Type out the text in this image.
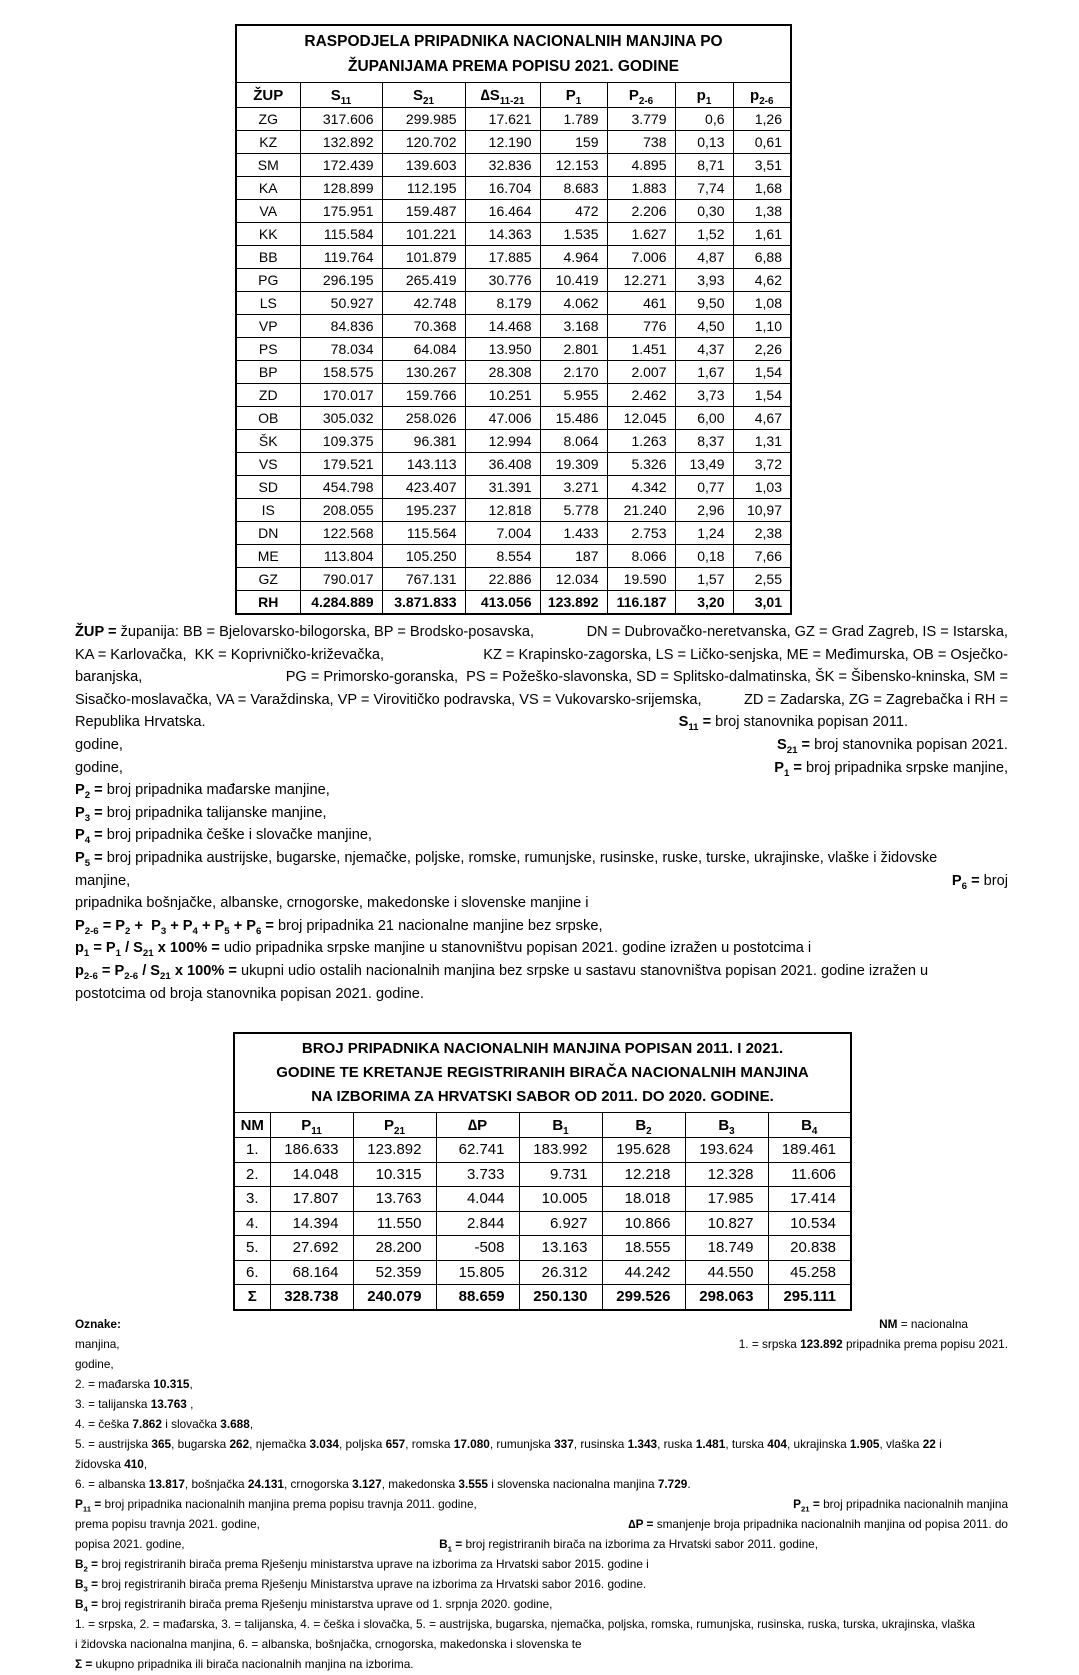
RASPODJELA PRIPADNIKA NACIONALNIH MANJINA PO
ŽUPANIJAMA PREMA POPISU 2021. GODINE							

ŽUP	$S_{11}$	$S_{21}$	$\Delta S_{11-21}$	$P_1$	$P_{2-6}$	$p_1$	$p_{2-6}$
ZG	317.606	299.985	17.621	1.789	3.779	0,6	1,26
KZ	132.892	120.702	12.190	159	738	0,13	0,61
SM	172.439	139.603	32.836	12.153	4.895	8,71	3,51
KA	128.899	112.195	16.704	8.683	1.883	7,74	1,68
VA	175.951	159.487	16.464	472	2.206	0,30	1,38
KK	115.584	101.221	14.363	1.535	1.627	1,52	1,61
BB	119.764	101.879	17.885	4.964	7.006	4,87	6,88
PG	296.195	265.419	30.776	10.419	12.271	3,93	4,62
LS	50.927	42.748	8.179	4.062	461	9,50	1,08
VP	84.836	70.368	14.468	3.168	776	4,50	1,10
PS	78.034	64.084	13.950	2.801	1.451	4,37	2,26
BP	158.575	130.267	28.308	2.170	2.007	1,67	1,54
ZD	170.017	159.766	10.251	5.955	2.462	3,73	1,54
OB	305.032	258.026	47.006	15.486	12.045	6,00	4,67
ŠK	109.375	96.381	12.994	8.064	1.263	8,37	1,31
VS	179.521	143.113	36.408	19.309	5.326	13,49	3,72
SD	454.798	423.407	31.391	3.271	4.342	0,77	1,03
IS	208.055	195.237	12.818	5.778	21.240	2,96	10,97
DN	122.568	115.564	7.004	1.433	2.753	1,24	2,38
ME	113.804	105.250	8.554	187	8.066	0,18	7,66
GZ	790.017	767.131	22.886	12.034	19.590	1,57	2,55
RH	4.284.889	3.871.833	413.056	123.892	116.187	3,20	3,01
ŽUP = županija: BB = Bjelovarsko-bilogorska, BP = Brodsko-posavska,	DN = Dubrovačko-neretvanska, GZ = Grad Zagreb, IS = Istarska,
KA = Karlovačka,  KK = Koprivničko-križevačka,	KZ = Krapinsko-zagorska, LS = Ličko-senjska, ME = Međimurska, OB = Osječko-
baranjska,	PG = Primorsko-goranska,  PS = Požeško-slavonska, SD = Splitsko-dalmatinska, ŠK = Šibensko-kninska, SM =
Sisačko-moslavačka, VA = Varaždinska, VP = Virovitičko podravska, VS = Vukovarsko-srijemska,	ZD = Zadarska, ZG = Zagrebačka i RH =
Republika Hrvatska.	$S_{11}$ = broj stanovnika popisan 2011.
godine,	$S_{21}$ = broj stanovnika popisan 2021.
godine,	$P_1$ = broj pripadnika srpske manjine,
$P_2$ = broj pripadnika mađarske manjine,
$P_3$ = broj pripadnika talijanske manjine,
$P_4$ = broj pripadnika češke i slovačke manjine,
$P_5$ = broj pripadnika austrijske, bugarske, njemačke, poljske, romske, rumunjske, rusinske, ruske, turske, ukrajinske, vlaške i židovske
manjine,	$P_6$ = broj
pripadnika bošnjačke, albanske, crnogorske, makedonske i slovenske manjine i
$P_{2-6} = P_2 + P_3 + P_4 + P_5 + P_6$ = broj pripadnika 21 nacionalne manjine bez srpske,
$p_1 = P_1 / S_{21}$ x 100% = udio pripadnika srpske manjine u stanovništvu popisan 2021. godine izražen u postotcima i
$p_{2-6} = P_{2-6} / S_{21}$ x 100% = ukupni udio ostalih nacionalnih manjina bez srpske u sastavu stanovništva popisan 2021. godine izražen u
postotcima od broja stanovnika popisan 2021. godine.
BROJ PRIPADNIKA NACIONALNIH MANJINA POPISAN 2011. I 2021.
GODINE TE KRETANJE REGISTRIRANIH BIRAČA NACIONALNIH MANJINA
NA IZBORIMA ZA HRVATSKI SABOR OD 2011. DO 2020. GODINE.							

NM	$P_{11}$	$P_{21}$	∆P	$B_1$	$B_2$	$B_3$	$B_4$
1.	186.633	123.892	62.741	183.992	195.628	193.624	189.461
2.	14.048	10.315	3.733	9.731	12.218	12.328	11.606
3.	17.807	13.763	4.044	10.005	18.018	17.985	17.414
4.	14.394	11.550	2.844	6.927	10.866	10.827	10.534
5.	27.692	28.200	-508	13.163	18.555	18.749	20.838
6.	68.164	52.359	15.805	26.312	44.242	44.550	45.258
Σ	328.738	240.079	88.659	250.130	299.526	298.063	295.111
Oznake:	NM = nacionalna
manjina,	1. = srpska 123.892 pripadnika prema popisu 2021.
godine,
2. = mađarska 10.315,
3. = talijanska 13.763 ,
4. = češka 7.862 i slovačka 3.688,
5. = austrijska 365, bugarska 262, njemačka 3.034, poljska 657, romska 17.080, rumunjska 337, rusinska 1.343, ruska 1.481, turska 404, ukrajinska 1.905, vlaška 22 i
židovska 410,
6. = albanska 13.817, bošnjačka 24.131, crnogorska 3.127, makedonska 3.555 i slovenska nacionalna manjina 7.729.
$P_{11}$ = broj pripadnika nacionalnih manjina prema popisu travnja 2011. godine,	$P_{21}$ = broj pripadnika nacionalnih manjina
prema popisu travnja 2021. godine,	∆P = smanjenje broja pripadnika nacionalnih manjina od popisa 2011. do
popisa 2021. godine,	$B_1$ = broj registriranih birača na izborima za Hrvatski sabor 2011. godine,
$B_2$ = broj registriranih birača prema Rješenju ministarstva uprave na izborima za Hrvatski sabor 2015. godine i
$B_3$ = broj registriranih birača prema Rješenju Ministarstva uprave na izborima za Hrvatski sabor 2016. godine.
$B_4$ = broj registriranih birača prema Rješenju ministarstva uprave od 1. srpnja 2020. godine,
1. = srpska, 2. = mađarska, 3. = talijanska, 4. = češka i slovačka, 5. = austrijska, bugarska, njemačka, poljska, romska, rumunjska, rusinska, ruska, turska, ukrajinska, vlaška
i židovska nacionalna manjina, 6. = albanska, bošnjačka, crnogorska, makedonska i slovenska te
Σ = ukupno pripadnika ili birača nacionalnih manjina na izborima.
